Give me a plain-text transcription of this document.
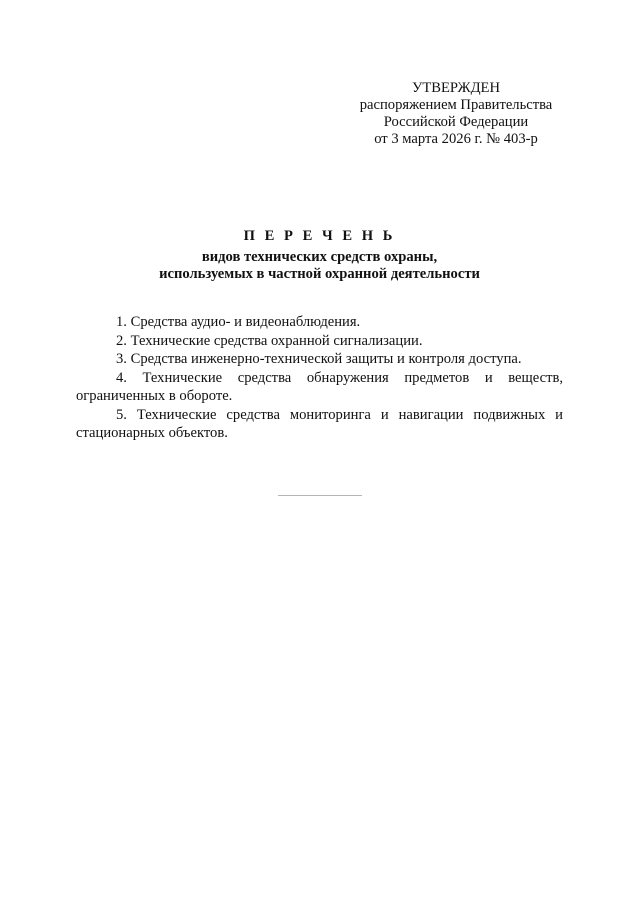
УТВЕРЖДЕН
распоряжением Правительства
Российской Федерации
от 3 марта 2026 г. № 403-р
П Е Р Е Ч Е Н Ь
видов технических средств охраны,
используемых в частной охранной деятельности
1. Средства аудио- и видеонаблюдения.
2. Технические средства охранной сигнализации.
3. Средства инженерно-технической защиты и контроля доступа.
4. Технические средства обнаружения предметов и веществ, ограниченных в обороте.
5. Технические средства мониторинга и навигации подвижных и стационарных объектов.
